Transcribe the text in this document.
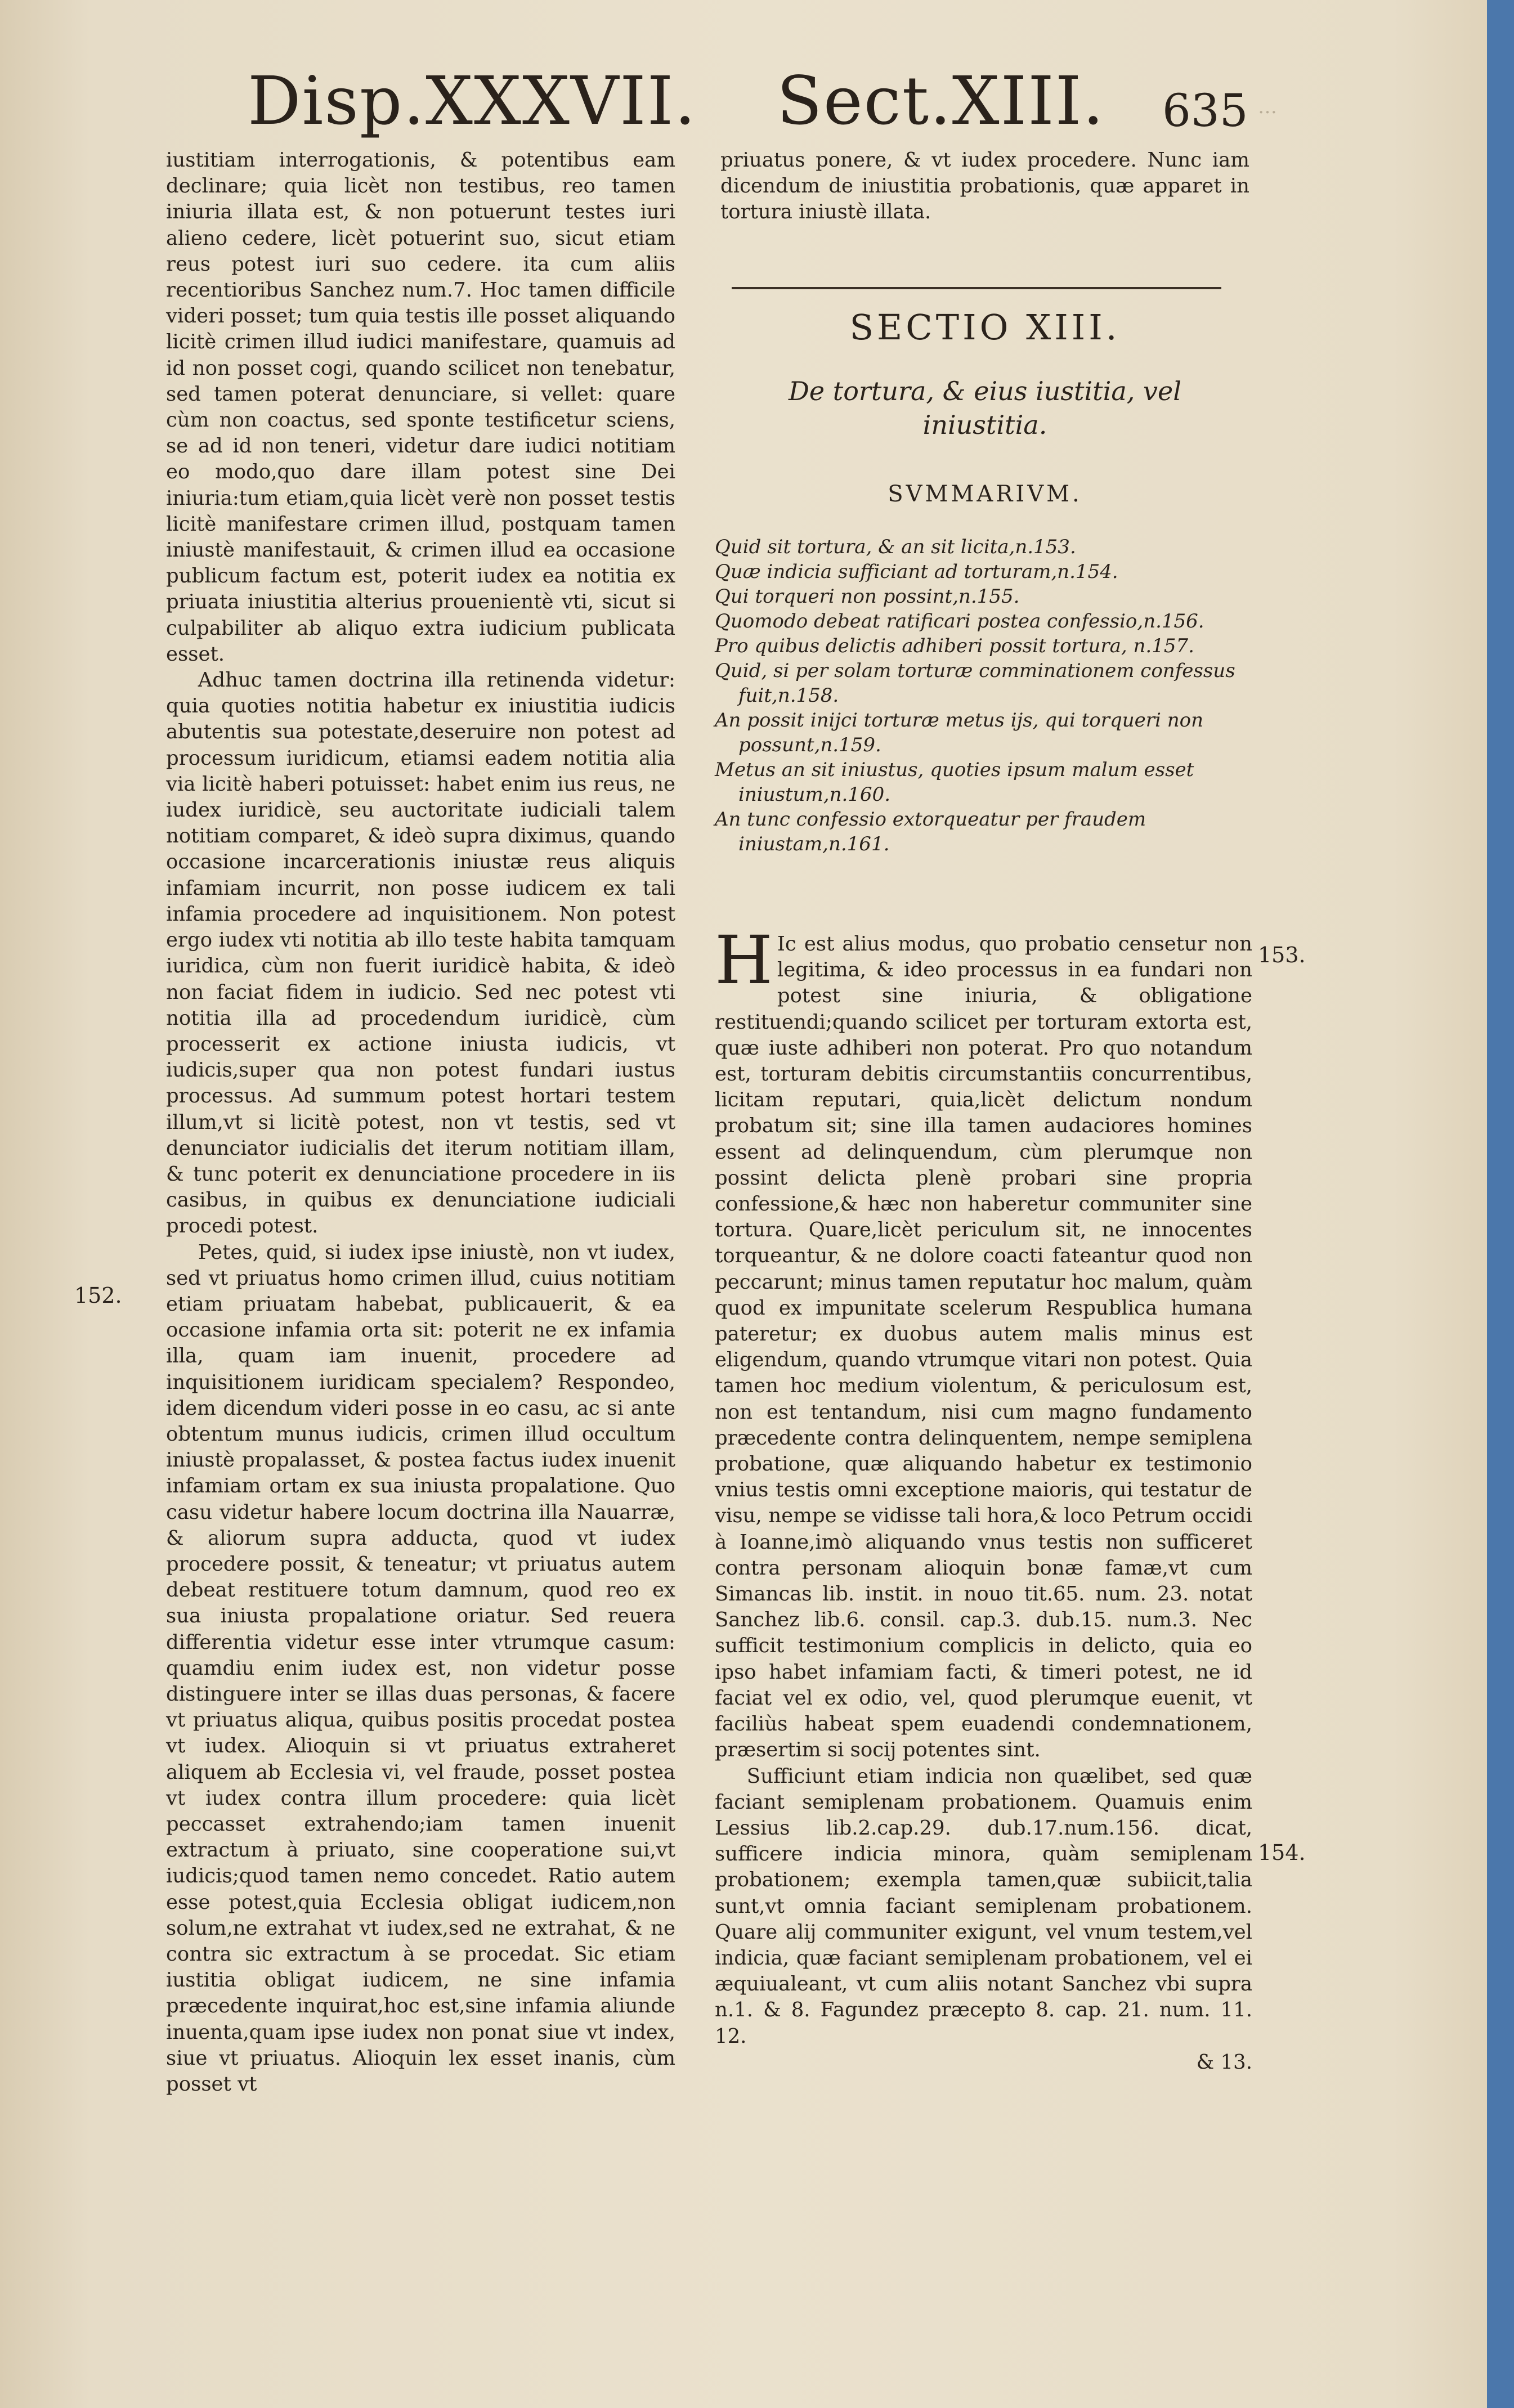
Disp.XXXVII. Sect.XIII. 635 …

iustitiam interrogationis, & potentibus eam declinare; quia licèt non testibus, reo tamen iniuria illata est, & non potuerunt testes iuri alieno cedere, licèt potuerint suo, sicut etiam reus potest iuri suo cedere. ita cum aliis recentioribus Sanchez num.7. Hoc tamen difficile videri posset; tum quia testis ille posset aliquando licitè crimen illud iudici manifestare, quamuis ad id non posset cogi, quando scilicet non tenebatur, sed tamen poterat denunciare, si vellet: quare cùm non coactus, sed sponte testificetur sciens, se ad id non teneri, videtur dare iudici notitiam eo modo,quo dare illam potest sine Dei iniuria:tum etiam,quia licèt verè non posset testis licitè manifestare crimen illud, postquam tamen iniustè manifestauit, & crimen illud ea occasione publicum factum est, poterit iudex ea notitia ex priuata iniustitia alterius prouenientè vti, sicut si culpabiliter ab aliquo extra iudicium publicata esset.

Adhuc tamen doctrina illa retinenda videtur: quia quoties notitia habetur ex iniustitia iudicis abutentis sua potestate,deseruire non potest ad processum iuridicum, etiamsi eadem notitia alia via licitè haberi potuisset: habet enim ius reus, ne iudex iuridicè, seu auctoritate iudiciali talem notitiam comparet, & ideò supra diximus, quando occasione incarcerationis iniustæ reus aliquis infamiam incurrit, non posse iudicem ex tali infamia procedere ad inquisitionem. Non potest ergo iudex vti notitia ab illo teste habita tamquam iuridica, cùm non fuerit iuridicè habita, & ideò non faciat fidem in iudicio. Sed nec potest vti notitia illa ad procedendum iuridicè, cùm processerit ex actione iniusta iudicis, vt iudicis,super qua non potest fundari iustus processus. Ad summum potest hortari testem illum,vt si licitè potest, non vt testis, sed vt denunciator iudicialis det iterum notitiam illam, & tunc poterit ex denunciatione procedere in iis casibus, in quibus ex denunciatione iudiciali procedi potest.

Petes, quid, si iudex ipse iniustè, non vt iudex, sed vt priuatus homo crimen illud, cuius notitiam etiam priuatam habebat, publicauerit, & ea occasione infamia orta sit: poterit ne ex infamia illa, quam iam inuenit, procedere ad inquisitionem iuridicam specialem? Respondeo, idem dicendum videri posse in eo casu, ac si ante obtentum munus iudicis, crimen illud occultum iniustè propalasset, & postea factus iudex inuenit infamiam ortam ex sua iniusta propalatione. Quo casu videtur habere locum doctrina illa Nauarræ, & aliorum supra adducta, quod vt iudex procedere possit, & teneatur; vt priuatus autem debeat restituere totum damnum, quod reo ex sua iniusta propalatione oriatur. Sed reuera differentia videtur esse inter vtrumque casum: quamdiu enim iudex est, non videtur posse distinguere inter se illas duas personas, & facere vt priuatus aliqua, quibus positis procedat postea vt iudex. Alioquin si vt priuatus extraheret aliquem ab Ecclesia vi, vel fraude, posset postea vt iudex contra illum procedere: quia licèt peccasset extrahendo;iam tamen inuenit extractum à priuato, sine cooperatione sui,vt iudicis;quod tamen nemo concedet. Ratio autem esse potest,quia Ecclesia obligat iudicem,non solum,ne extrahat vt iudex,sed ne extrahat, & ne contra sic extractum à se procedat. Sic etiam iustitia obligat iudicem, ne sine infamia præcedente inquirat,hoc est,sine infamia aliunde inuenta,quam ipse iudex non ponat siue vt index, siue vt priuatus. Alioquin lex esset inanis, cùm posset vt

152.

priuatus ponere, & vt iudex procedere. Nunc iam dicendum de iniustitia probationis, quæ apparet in tortura iniustè illata.

SECTIO XIII.
De tortura, & eius iustitia, vel iniustitia.
SVMMARIVM.
Quid sit tortura, & an sit licita,n.153.
Quæ indicia sufficiant ad torturam,n.154.
Qui torqueri non possint,n.155.
Quomodo debeat ratificari postea confessio,n.156.
Pro quibus delictis adhiberi possit tortura, n.157.
Quid, si per solam torturæ comminationem confessus fuit,n.158.
An possit inijci torturæ metus ijs, qui torqueri non possunt,n.159.
Metus an sit iniustus, quoties ipsum malum esset iniustum,n.160.
An tunc confessio extorqueatur per fraudem iniustam,n.161.

H Ic est alius modus, quo probatio censetur non legitima, & ideo processus in ea fundari non potest sine iniuria, & obligatione restituendi;quando scilicet per torturam extorta est, quæ iuste adhiberi non poterat. Pro quo notandum est, torturam debitis circumstantiis concurrentibus, licitam reputari, quia,licèt delictum nondum probatum sit; sine illa tamen audaciores homines essent ad delinquendum, cùm plerumque non possint delicta plenè probari sine propria confessione,& hæc non haberetur communiter sine tortura. Quare,licèt periculum sit, ne innocentes torqueantur, & ne dolore coacti fateantur quod non peccarunt; minus tamen reputatur hoc malum, quàm quod ex impunitate scelerum Respublica humana pateretur; ex duobus autem malis minus est eligendum, quando vtrumque vitari non potest. Quia tamen hoc medium violentum, & periculosum est, non est tentandum, nisi cum magno fundamento præcedente contra delinquentem, nempe semiplena probatione, quæ aliquando habetur ex testimonio vnius testis omni exceptione maioris, qui testatur de visu, nempe se vidisse tali hora,& loco Petrum occidi à Ioanne,imò aliquando vnus testis non sufficeret contra personam alioquin bonæ famæ,vt cum Simancas lib. instit. in nouo tit.65. num. 23. notat Sanchez lib.6. consil. cap.3. dub.15. num.3. Nec sufficit testimonium complicis in delicto, quia eo ipso habet infamiam facti, & timeri potest, ne id faciat vel ex odio, vel, quod plerumque euenit, vt faciliùs habeat spem euadendi condemnationem, præsertim si socij potentes sint.

Sufficiunt etiam indicia non quælibet, sed quæ faciant semiplenam probationem. Quamuis enim Lessius lib.2.cap.29. dub.17.num.156. dicat, sufficere indicia minora, quàm semiplenam probationem; exempla tamen,quæ subiicit,talia sunt,vt omnia faciant semiplenam probationem. Quare alij communiter exigunt, vel vnum testem,vel indicia, quæ faciant semiplenam probationem, vel ei æquiualeant, vt cum aliis notant Sanchez vbi supra n.1. & 8. Fagundez præcepto 8. cap. 21. num. 11. 12.

& 13.

153.
154.
